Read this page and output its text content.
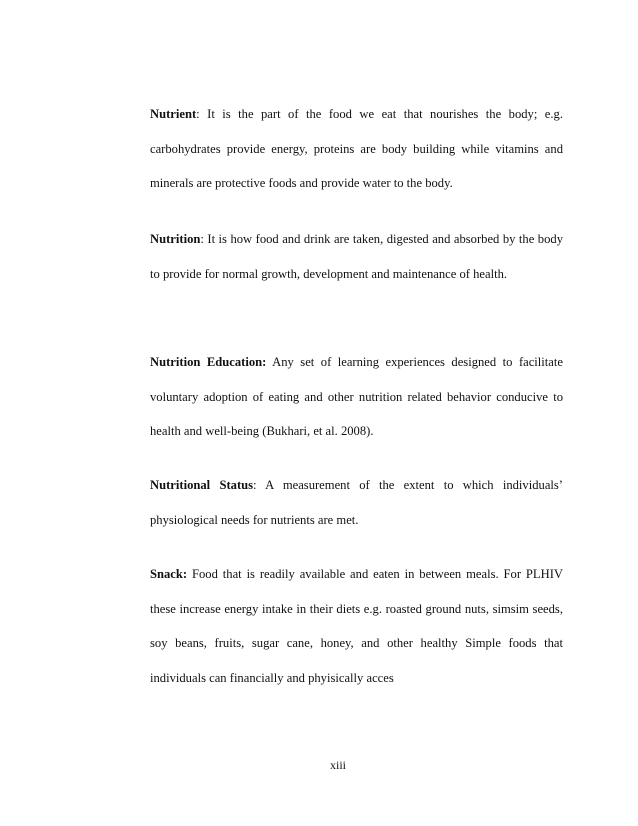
Nutrient: It is the part of the food we eat that nourishes the body; e.g. carbohydrates provide energy, proteins are body building while vitamins and minerals are protective foods and provide water to the body.

Nutrition: It is how food and drink are taken, digested and absorbed by the body to provide for normal growth, development and maintenance of health.

Nutrition Education: Any set of learning experiences designed to facilitate voluntary adoption of eating and other nutrition related behavior conducive to health and well-being (Bukhari, et al. 2008).

Nutritional Status: A measurement of the extent to which individuals’ physiological needs for nutrients are met.

Snack: Food that is readily available and eaten in between meals. For PLHIV these increase energy intake in their diets e.g. roasted ground nuts, simsim seeds, soy beans, fruits, sugar cane, honey, and other healthy Simple foods that individuals can financially and phyisically acces

xiii
